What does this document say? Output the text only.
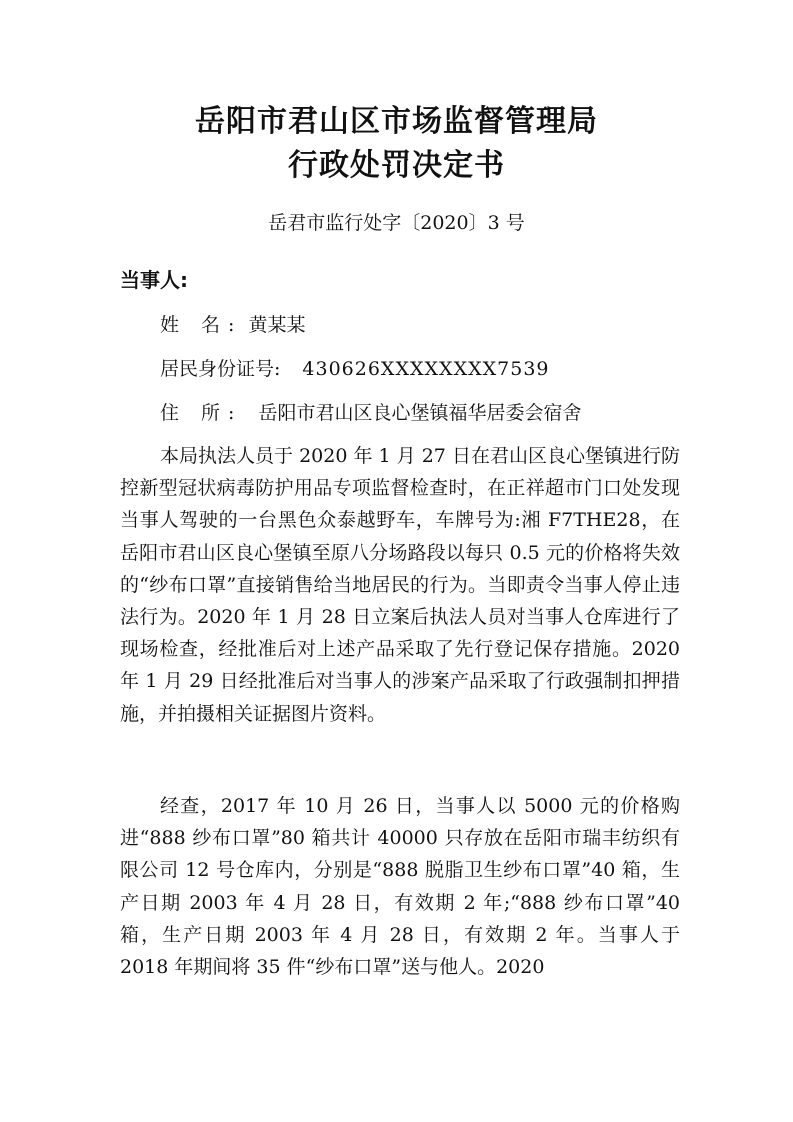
岳阳市君山区市场监督管理局
行政处罚决定书
岳君市监行处字〔2020〕3 号
当事人:
姓 名: 黄某某
居民身份证号: 430626XXXXXXXX7539
住 所: 岳阳市君山区良心堡镇福华居委会宿舍
本局执法人员于 2020 年 1 月 27 日在君山区良心堡镇进行防控新型冠状病毒防护用品专项监督检查时，在正祥超市门口处发现当事人驾驶的一台黑色众泰越野车，车牌号为:湘 F7THE28，在岳阳市君山区良心堡镇至原八分场路段以每只 0.5 元的价格将失效的“纱布口罩”直接销售给当地居民的行为。当即责令当事人停止违法行为。2020 年 1 月 28 日立案后执法人员对当事人仓库进行了现场检查，经批准后对上述产品采取了先行登记保存措施。2020 年 1 月 29 日经批准后对当事人的涉案产品采取了行政强制扣押措施，并拍摄相关证据图片资料。
经查，2017 年 10 月 26 日，当事人以 5000 元的价格购进“888 纱布口罩”80 箱共计 40000 只存放在岳阳市瑞丰纺织有限公司 12 号仓库内，分别是“888 脱脂卫生纱布口罩”40 箱，生产日期 2003 年 4 月 28 日，有效期 2 年;“888 纱布口罩”40 箱，生产日期 2003 年 4 月 28 日，有效期 2 年。当事人于 2018 年期间将 35 件“纱布口罩”送与他人。2020
